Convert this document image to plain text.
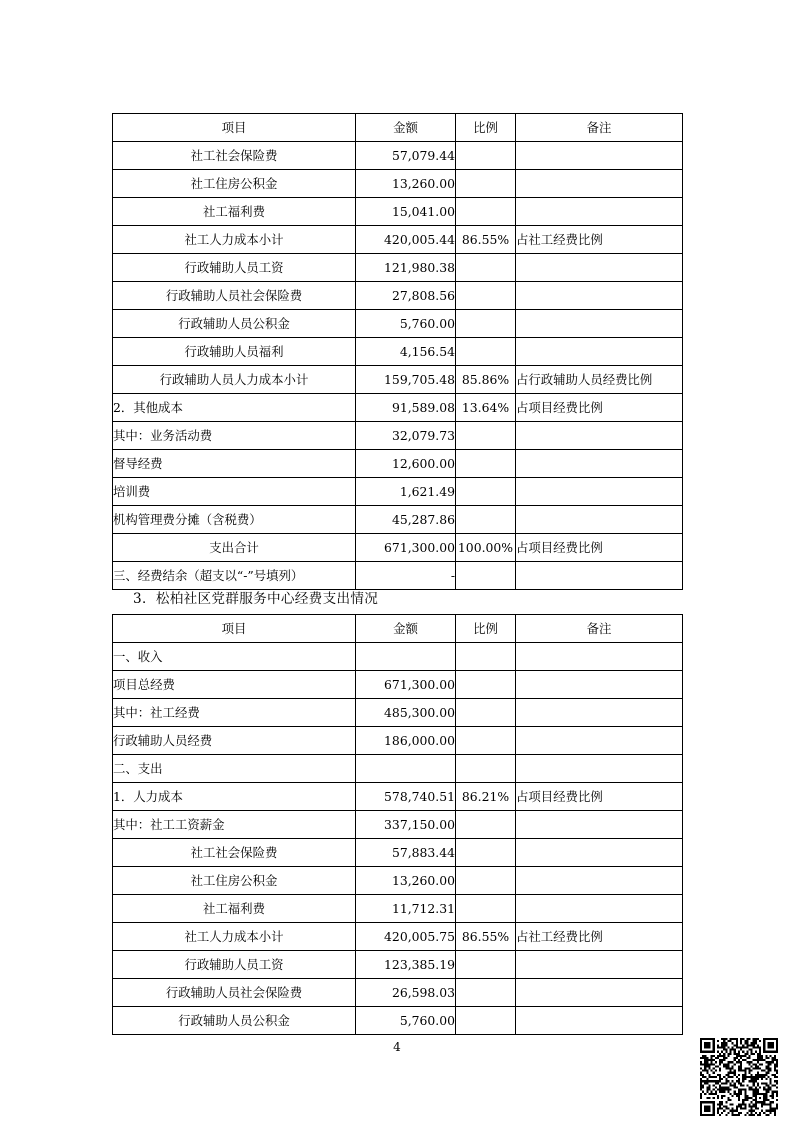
项目	金额	比例	备注
社工社会保险费	57,079.44		
社工住房公积金	13,260.00		
社工福利费	15,041.00		
社工人力成本小计	420,005.44	86.55%	占社工经费比例
行政辅助人员工资	121,980.38		
行政辅助人员社会保险费	27,808.56		
行政辅助人员公积金	5,760.00		
行政辅助人员福利	4,156.54		
行政辅助人员人力成本小计	159,705.48	85.86%	占行政辅助人员经费比例
2．其他成本	91,589.08	13.64%	占项目经费比例
其中：业务活动费	32,079.73		
督导经费	12,600.00		
培训费	1,621.49		
机构管理费分摊（含税费）	45,287.86		
支出合计	671,300.00	100.00%	占项目经费比例
三、经费结余（超支以“-”号填列）	-		
3．松柏社区党群服务中心经费支出情况
项目	金额	比例	备注
一、收入			
项目总经费	671,300.00		
其中：社工经费	485,300.00		
行政辅助人员经费	186,000.00		
二、支出			
1．人力成本	578,740.51	86.21%	占项目经费比例
其中：社工工资薪金	337,150.00		
社工社会保险费	57,883.44		
社工住房公积金	13,260.00		
社工福利费	11,712.31		
社工人力成本小计	420,005.75	86.55%	占社工经费比例
行政辅助人员工资	123,385.19		
行政辅助人员社会保险费	26,598.03		
行政辅助人员公积金	5,760.00		
4
